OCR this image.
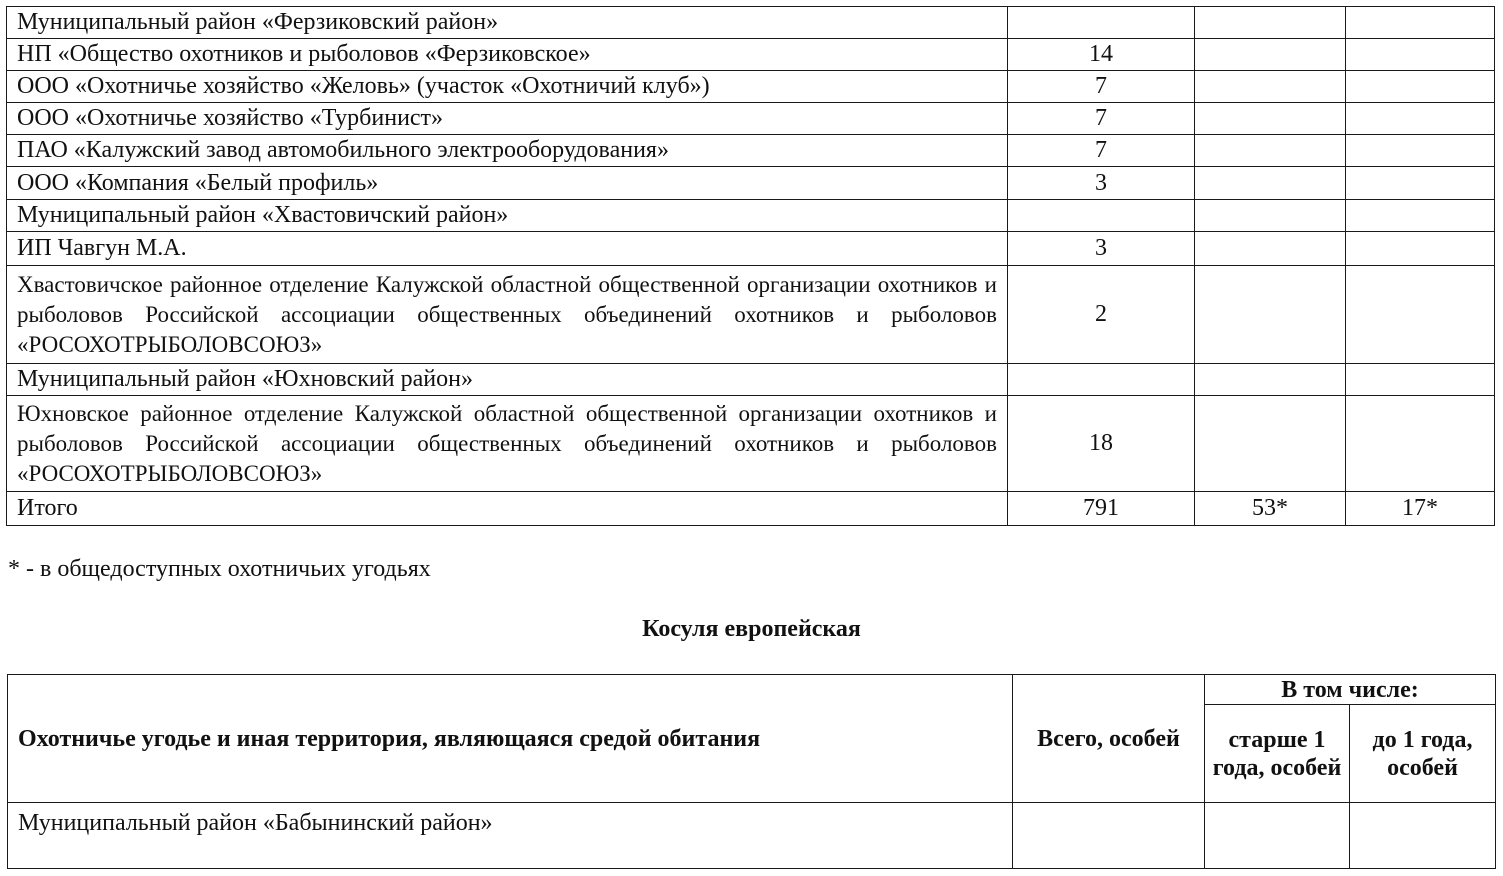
Муниципальный район «Ферзиковский район»			
НП «Общество охотников и рыболовов «Ферзиковское»	14		
ООО «Охотничье хозяйство «Желовь» (участок «Охотничий клуб»)	7		
ООО «Охотничье хозяйство «Турбинист»	7		
ПАО «Калужский завод автомобильного электрооборудования»	7		
ООО «Компания «Белый профиль»	3		
Муниципальный район «Хвастовичский район»			
ИП Чавгун М.А.	3		
Хвастовичское районное отделение Калужской областной общественной организации охотников и рыболовов Российской ассоциации общественных объединений охотников и рыболовов «РОСОХОТРЫБОЛОВСОЮЗ»	2		
Муниципальный район «Юхновский район»			
Юхновское районное отделение Калужской областной общественной организации охотников и рыболовов Российской ассоциации общественных объединений охотников и рыболовов «РОСОХОТРЫБОЛОВСОЮЗ»	18		
Итого	791	53*	17*
* - в общедоступных охотничьих угодьях
Косуля европейская
Охотничье угодье и иная территория, являющаяся средой обитания	Всего, особей	В том числе:	
		старше 1 года, особей	до 1 года, особей
Муниципальный район «Бабынинский район»			
